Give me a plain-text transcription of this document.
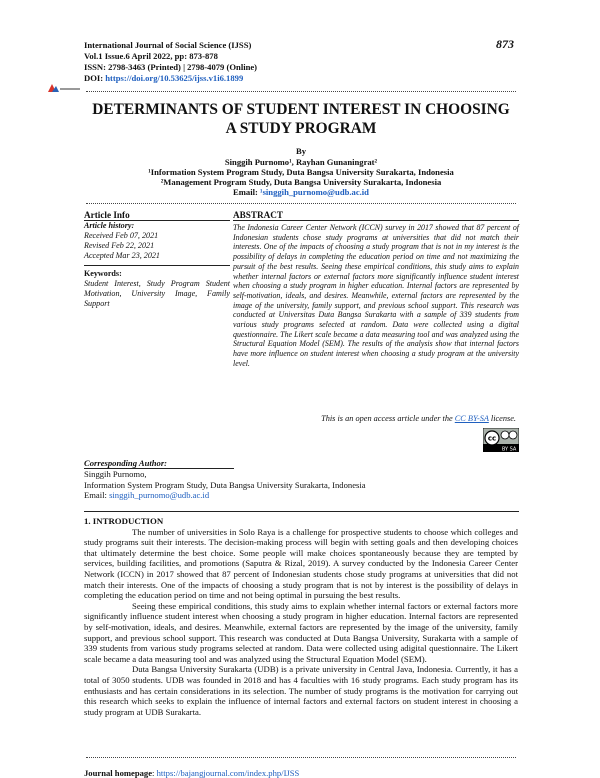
International Journal of Social Science (IJSS)
Vol.1 Issue.6 April 2022, pp: 873-878
ISSN: 2798-3463 (Printed) | 2798-4079 (Online)
DOI: https://doi.org/10.53625/ijss.v1i6.1899
873
DETERMINANTS OF STUDENT INTEREST IN CHOOSING A STUDY PROGRAM
By
Singgih Purnomo¹, Rayhan Gunaningrat²
¹Information System Program Study, Duta Bangsa University Surakarta, Indonesia
²Management Program Study, Duta Bangsa University Surakarta, Indonesia
Email: ¹singgih_purnomo@udb.ac.id
Article Info
Article history:
Received Feb 07, 2021
Revised Feb 22, 2021
Accepted Mar 23, 2021
Keywords:
Student Interest, Study Program Student Motivation, University Image, Family Support
ABSTRACT
The Indonesia Career Center Network (ICCN) survey in 2017 showed that 87 percent of Indonesian students chose study programs at universities that did not match their interests. One of the impacts of choosing a study program that is not in my interest is the possibility of delays in completing the education period on time and not maximizing the pursuit of the best results. Seeing these empirical conditions, this study aims to explain whether internal factors or external factors more significantly influence student interest when choosing a study program in higher education. Internal factors are represented by self-motivation, ideals, and desires. Meanwhile, external factors are represented by the image of the university, family support, and previous school support. This research was conducted at Universitas Duta Bangsa Surakarta with a sample of 339 students from various study programs selected at random. Data were collected using a digital questionnaire. The Likert scale became a data measuring tool and was analyzed using the Structural Equation Model (SEM). The results of the analysis show that internal factors have more influence on student interest when choosing a study program at the university level.
This is an open access article under the CC BY-SA license.
cc
BY SA
Corresponding Author:
Singgih Purnomo,
Information System Program Study, Duta Bangsa University Surakarta, Indonesia
Email: singgih_purnomo@udb.ac.id
1. INTRODUCTION

The number of universities in Solo Raya is a challenge for prospective students to choose which colleges and study programs suit their interests. The decision-making process will begin with setting goals and then developing choices that ultimately determine the best choice. Some people will make choices spontaneously because they are tempted by services, building facilities, and promotions (Saputra & Rizal, 2019). A survey conducted by the Indonesia Career Center Network (ICCN) in 2017 showed that 87 percent of Indonesian students chose study programs at universities that did not match their interests. One of the impacts of choosing a study program that is not by interest is the possibility of delays in completing the education period on time and not being optimal in pursuing the best results.

Seeing these empirical conditions, this study aims to explain whether internal factors or external factors more significantly influence student interest when choosing a study program in higher education. Internal factors are represented by self-motivation, ideals, and desires. Meanwhile, external factors are represented by the image of the university, family support, and previous school support. This research was conducted at Duta Bangsa University, Surakarta with a sample of 339 students from various study programs selected at random. Data were collected using adigital questionnaire. The Likert scale became a data measuring tool and was analyzed using the Structural Equation Model (SEM).

Duta Bangsa University Surakarta (UDB) is a private university in Central Java, Indonesia. Currently, it has a total of 3050 students. UDB was founded in 2018 and has 4 faculties with 16 study programs. Each study program has its enthusiasts and has certain considerations in its selection. The number of study programs is the motivation for carrying out this research which seeks to explain the influence of internal factors and external factors on student interest in choosing a study program at UDB Surakarta.

Journal homepage: https://bajangjournal.com/index.php/IJSS
